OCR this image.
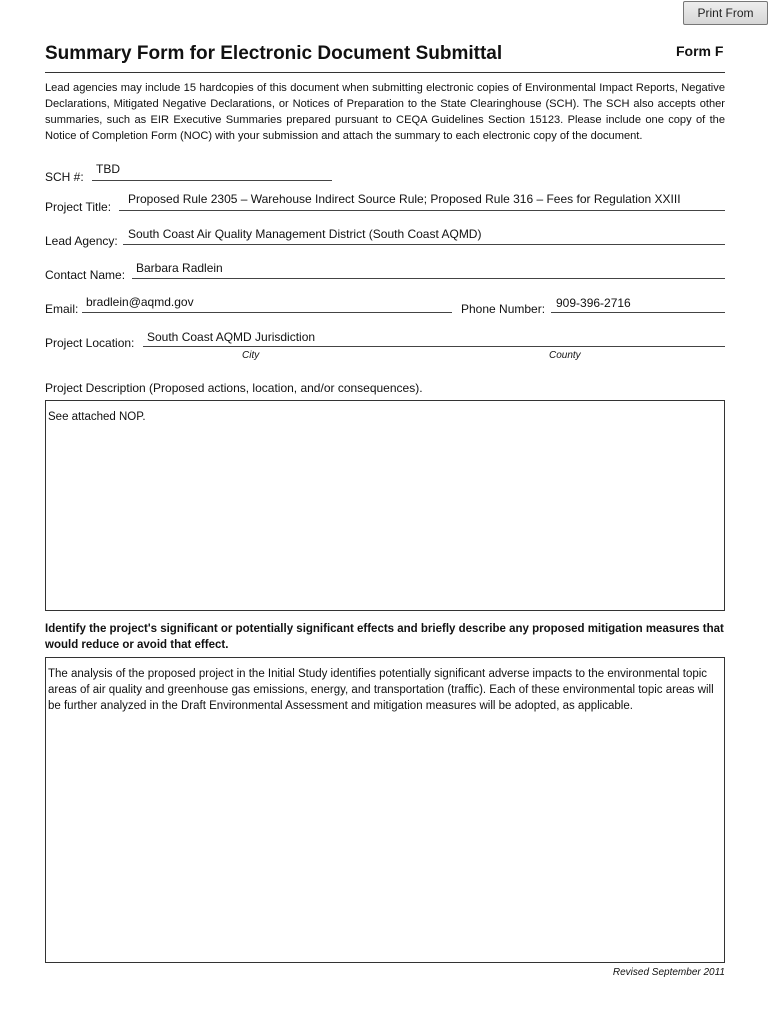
Print From
Summary Form for Electronic Document Submittal	Form F
Lead agencies may include 15 hardcopies of this document when submitting electronic copies of Environmental Impact Reports, Negative Declarations, Mitigated Negative Declarations, or Notices of Preparation to the State Clearinghouse (SCH). The SCH also accepts other summaries, such as EIR Executive Summaries prepared pursuant to CEQA Guidelines Section 15123. Please include one copy of the Notice of Completion Form (NOC) with your submission and attach the summary to each electronic copy of the document.
SCH #:
TBD
Project Title:
Proposed Rule 2305 – Warehouse Indirect Source Rule; Proposed Rule 316 – Fees for Regulation XXIII
Lead Agency: South Coast Air Quality Management District (South Coast AQMD)
Contact Name: Barbara Radlein
Email: bradlein@aqmd.gov	Phone Number: 909-396-2716
Project Location: South Coast AQMD Jurisdiction
City	County
Project Description (Proposed actions, location, and/or consequences).
See attached NOP.
Identify the project's significant or potentially significant effects and briefly describe any proposed mitigation measures that would reduce or avoid that effect.
The analysis of the proposed project in the Initial Study identifies potentially significant adverse impacts to the environmental topic areas of air quality and greenhouse gas emissions, energy, and transportation (traffic). Each of these environmental topic areas will be further analyzed in the Draft Environmental Assessment and mitigation measures will be adopted, as applicable.
Revised September 2011
